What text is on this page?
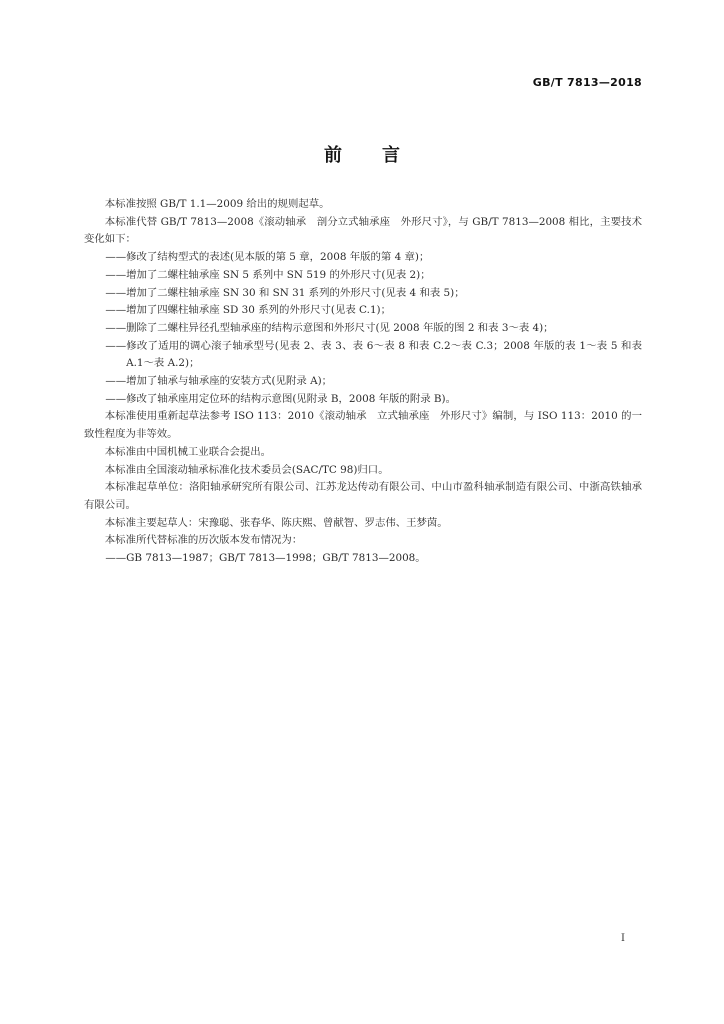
GB/T 7813—2018
前 言

本标准按照 GB/T 1.1—2009 给出的规则起草。

本标准代替 GB/T 7813—2008《滚动轴承　剖分立式轴承座　外形尺寸》，与 GB/T 7813—2008 相比，主要技术变化如下：

——修改了结构型式的表述(见本版的第 5 章，2008 年版的第 4 章)；

——增加了二螺柱轴承座 SN 5 系列中 SN 519 的外形尺寸(见表 2)；

——增加了二螺柱轴承座 SN 30 和 SN 31 系列的外形尺寸(见表 4 和表 5)；

——增加了四螺柱轴承座 SD 30 系列的外形尺寸(见表 C.1)；

——删除了二螺柱异径孔型轴承座的结构示意图和外形尺寸(见 2008 年版的图 2 和表 3～表 4)；

——修改了适用的调心滚子轴承型号(见表 2、表 3、表 6～表 8 和表 C.2～表 C.3；2008 年版的表 1～表 5 和表 A.1～表 A.2)；

——增加了轴承与轴承座的安装方式(见附录 A)；

——修改了轴承座用定位环的结构示意图(见附录 B，2008 年版的附录 B)。

本标准使用重新起草法参考 ISO 113：2010《滚动轴承　立式轴承座　外形尺寸》编制，与 ISO 113：2010 的一致性程度为非等效。

本标准由中国机械工业联合会提出。

本标准由全国滚动轴承标准化技术委员会(SAC/TC 98)归口。

本标准起草单位：洛阳轴承研究所有限公司、江苏龙达传动有限公司、中山市盈科轴承制造有限公司、中浙高铁轴承有限公司。

本标准主要起草人：宋豫聪、张春华、陈庆熙、曾献智、罗志伟、王梦茵。

本标准所代替标准的历次版本发布情况为：

——GB 7813—1987；GB/T 7813—1998；GB/T 7813—2008。

I
